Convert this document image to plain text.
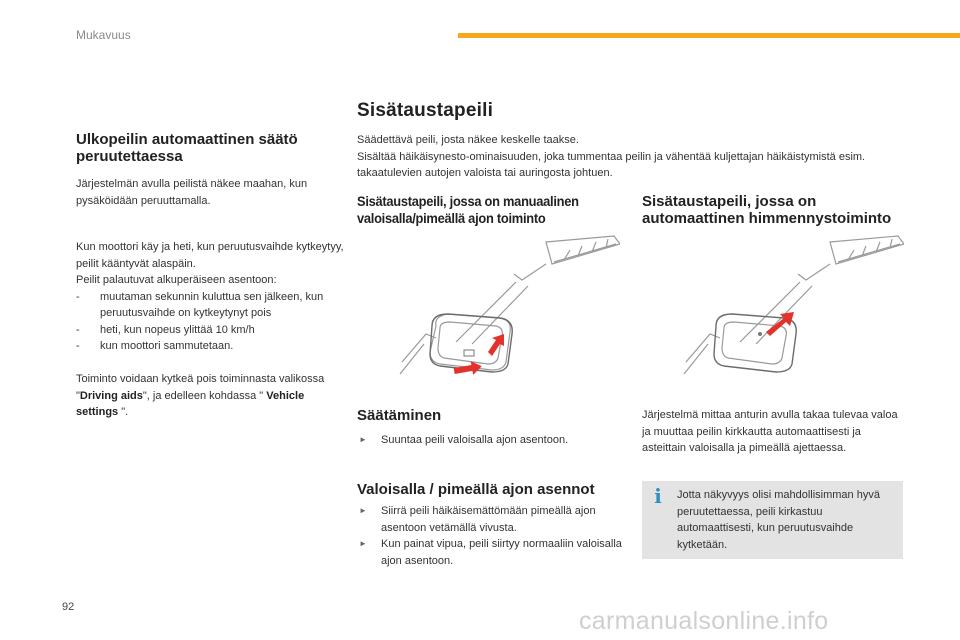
Mukavuus
Ulkopeilin automaattinen säätö peruutettaessa
Järjestelmän avulla peilistä näkee maahan, kun pysäköidään peruuttamalla.
Kun moottori käy ja heti, kun peruutusvaihde kytkeytyy, peilit kääntyvät alaspäin.
Peilit palautuvat alkuperäiseen asentoon:
- muutaman sekunnin kuluttua sen jälkeen, kun peruutusvaihde on kytkeytynyt pois
- heti, kun nopeus ylittää 10 km/h
- kun moottori sammutetaan.
Toiminto voidaan kytkeä pois toiminnasta valikossa "Driving aids", ja edelleen kohdassa " Vehicle settings ".
Sisätaustapeili
Säädettävä peili, josta näkee keskelle taakse.
Sisältää häikäisynesto-ominaisuuden, joka tummentaa peilin ja vähentää kuljettajan häikäistymistä esim. takaatulevien autojen valoista tai auringosta johtuen.
Sisätaustapeili, jossa on manuaalinen valoisalla/pimeällä ajon toiminto
Säätäminen
► Suuntaa peili valoisalla ajon asentoon.
Valoisalla / pimeällä ajon asennot
► Siirrä peili häikäisemättömään pimeällä ajon asentoon vetämällä vivusta.
► Kun painat vipua, peili siirtyy normaaliin valoisalla ajon asentoon.
Sisätaustapeili, jossa on automaattinen himmennystoiminto
Järjestelmä mittaa anturin avulla takaa tulevaa valoa ja muuttaa peilin kirkkautta automaattisesti ja asteittain valoisalla ja pimeällä ajettaessa.
i Jotta näkyvyys olisi mahdollisimman hyvä peruutettaessa, peili kirkastuu automaattisesti, kun peruutusvaihde kytketään.
92	carmanualsonline.info
